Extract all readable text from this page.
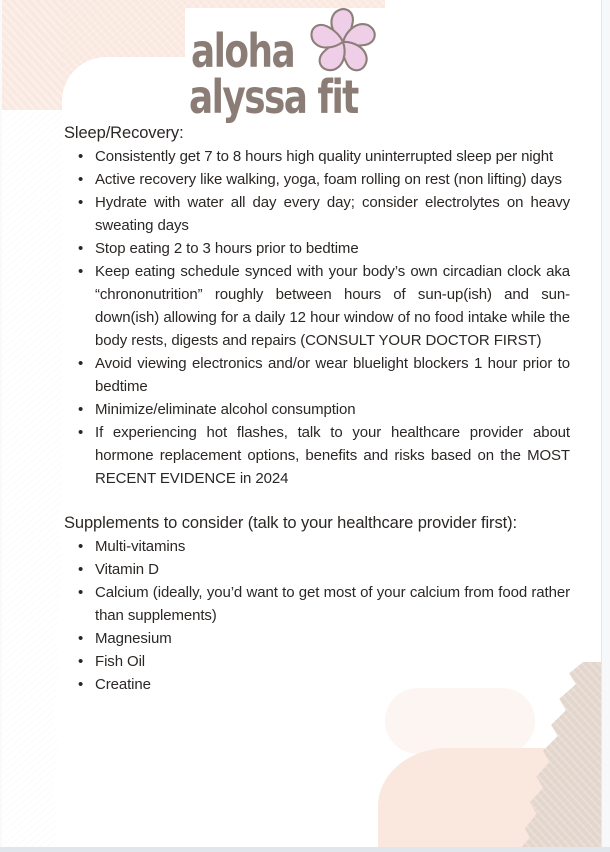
aloha
alyssa fit
Sleep/Recovery:
• Consistently get 7 to 8 hours high quality uninterrupted sleep per night
• Active recovery like walking, yoga, foam rolling on rest (non lifting) days
• Hydrate with water all day every day; consider electrolytes on heavy sweating days
• Stop eating 2 to 3 hours prior to bedtime
• Keep eating schedule synced with your body’s own circadian clock aka “chrononutrition” roughly between hours of sun-up(ish) and sun-down(ish) allowing for a daily 12 hour window of no food intake while the body rests, digests and repairs (CONSULT YOUR DOCTOR FIRST)
• Avoid viewing electronics and/or wear bluelight blockers 1 hour prior to bedtime
• Minimize/eliminate alcohol consumption
• If experiencing hot flashes, talk to your healthcare provider about hormone replacement options, benefits and risks based on the MOST RECENT EVIDENCE in 2024
Supplements to consider (talk to your healthcare provider first):
• Multi-vitamins
• Vitamin D
• Calcium (ideally, you’d want to get most of your calcium from food rather than supplements)
• Magnesium
• Fish Oil
• Creatine
